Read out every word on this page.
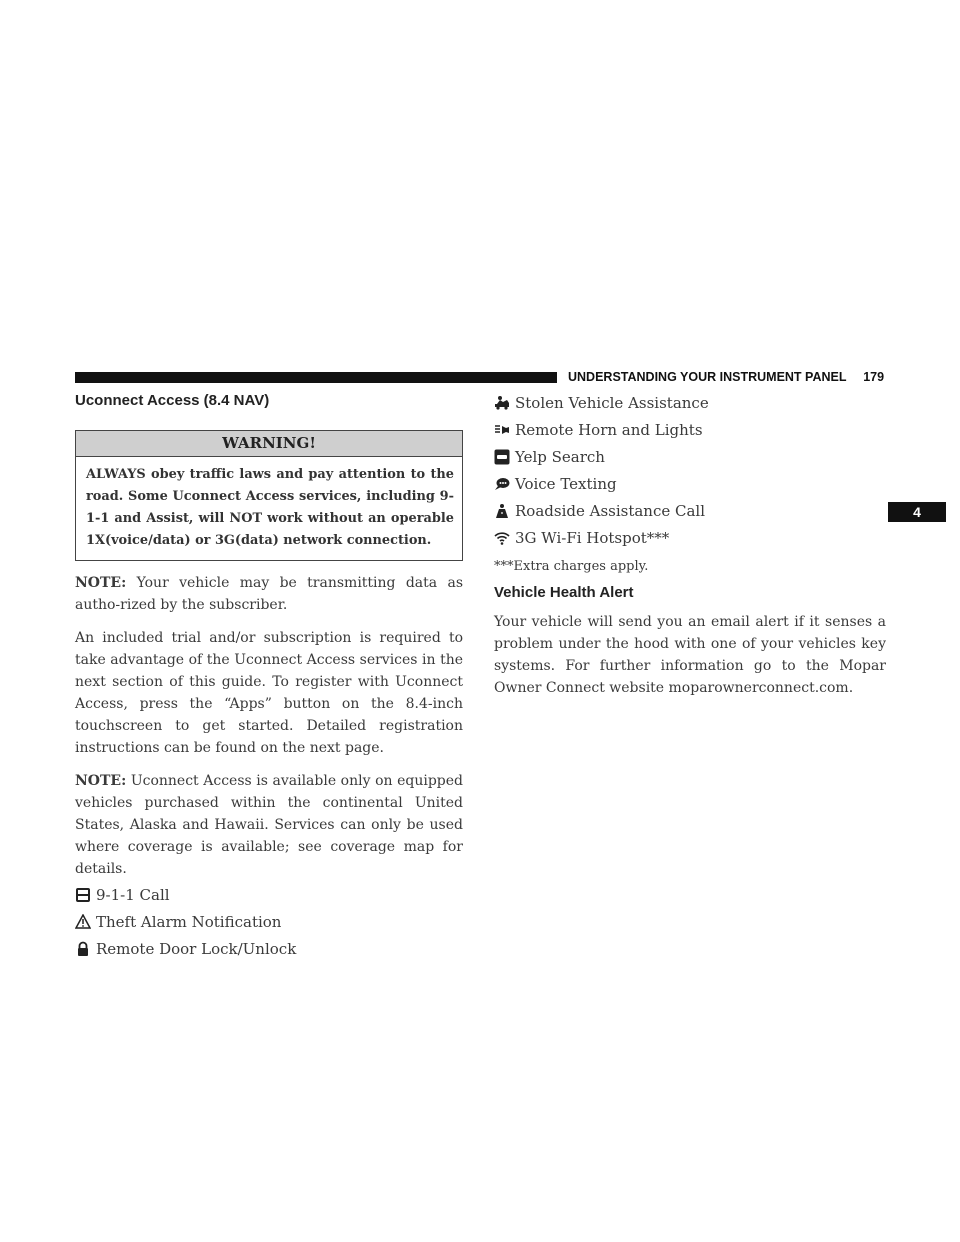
UNDERSTANDING YOUR INSTRUMENT PANEL 179
Uconnect Access (8.4 NAV)
WARNING!
ALWAYS obey traffic laws and pay attention to the road. Some Uconnect Access services, including 9-1-1 and Assist, will NOT work without an operable 1X(voice/data) or 3G(data) network connection.

NOTE: Your vehicle may be transmitting data as autho-rized by the subscriber.

An included trial and/or subscription is required to take advantage of the Uconnect Access services in the next section of this guide. To register with Uconnect Access, press the “Apps” button on the 8.4-inch touchscreen to get started. Detailed registration instructions can be found on the next page.

NOTE: Uconnect Access is available only on equipped vehicles purchased within the continental United States, Alaska and Hawaii. Services can only be used where coverage is available; see coverage map for details.

9-1-1 Call
Theft Alarm Notification
Remote Door Lock/Unlock
Stolen Vehicle Assistance
Remote Horn and Lights
Yelp Search
Voice Texting
Roadside Assistance Call
3G Wi-Fi Hotspot***

***Extra charges apply.

Vehicle Health Alert

Your vehicle will send you an email alert if it senses a problem under the hood with one of your vehicles key systems. For further information go to the Mopar Owner Connect website moparownerconnect.com.

4
